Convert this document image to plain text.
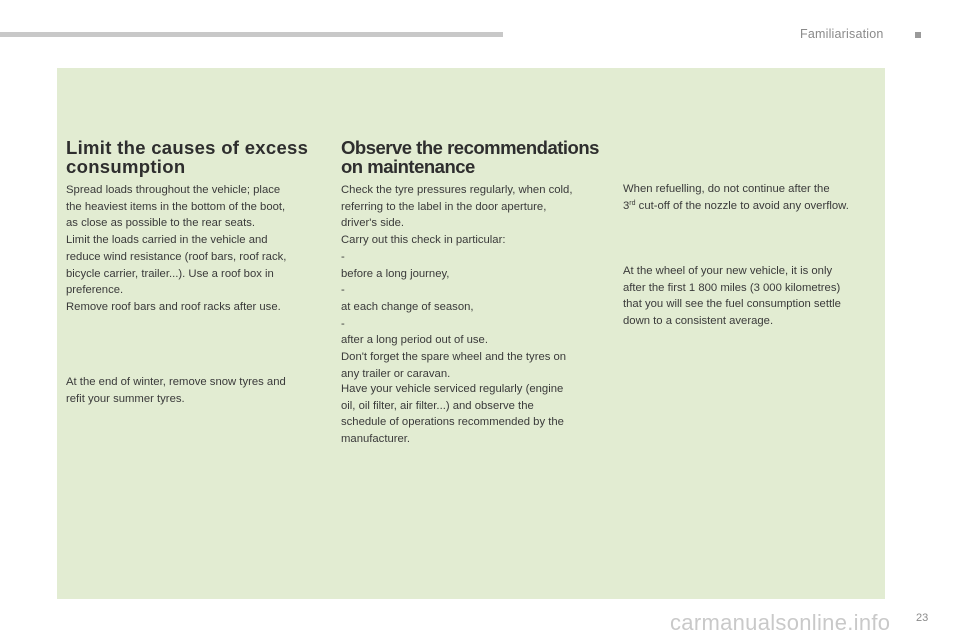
Familiarisation
Limit the causes of excess consumption
Spread loads throughout the vehicle; place
the heaviest items in the bottom of the boot,
as close as possible to the rear seats.
Limit the loads carried in the vehicle and
reduce wind resistance (roof bars, roof rack,
bicycle carrier, trailer...). Use a roof box in
preference.
Remove roof bars and roof racks after use.
At the end of winter, remove snow tyres and
refit your summer tyres.
Observe the recommendations on maintenance
Check the tyre pressures regularly, when cold,
referring to the label in the door aperture,
driver's side.
Carry out this check in particular:
-
before a long journey,
-
at each change of season,
-
after a long period out of use.
Don't forget the spare wheel and the tyres on
any trailer or caravan.
Have your vehicle serviced regularly (engine
oil, oil filter, air filter...) and observe the
schedule of operations recommended by the
manufacturer.
When refuelling, do not continue after the
3rd cut-off of the nozzle to avoid any overflow.
At the wheel of your new vehicle, it is only
after the first 1 800 miles (3 000 kilometres)
that you will see the fuel consumption settle
down to a consistent average.
carmanualsonline.info 23
